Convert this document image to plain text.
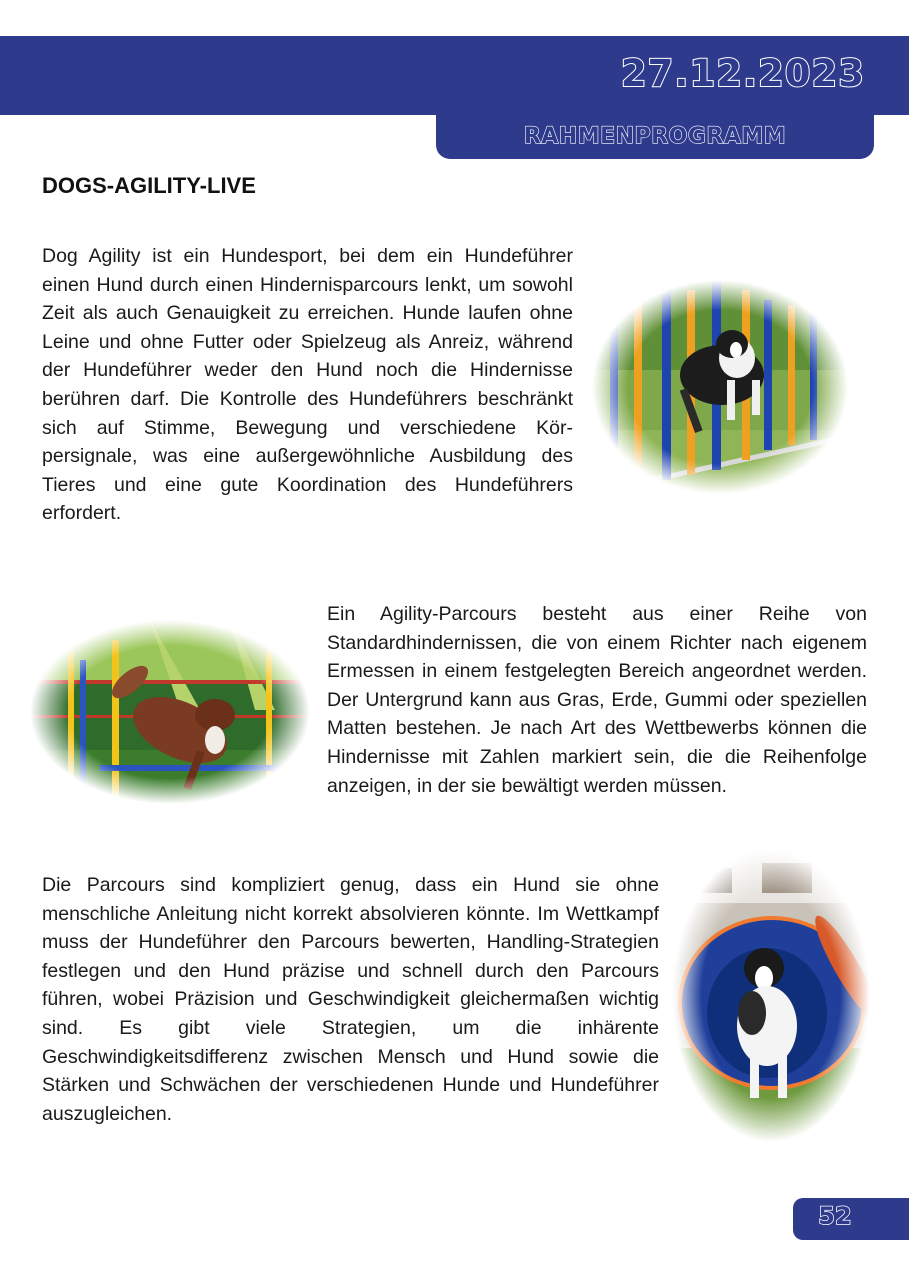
27.12.2023
RAHMENPROGRAMM
DOGS-AGILITY-LIVE

Dog Agility ist ein Hundesport, bei dem ein Hundeführer einen Hund durch einen Hindernisparcours lenkt, um sowohl Zeit als auch Genauigkeit zu erreichen. Hunde laufen ohne Leine und ohne Futter oder Spielzeug als Anreiz, während der Hundeführer weder den Hund noch die Hindernisse berühren darf. Die Kontrolle des Hundeführers beschränkt sich auf Stimme, Bewegung und verschiedene Körpersignale, was eine außergewöhnliche Ausbildung des Tieres und eine gute Koordination des Hundeführers erfordert.

Ein Agility-Parcours besteht aus einer Reihe von Standardhindernissen, die von einem Richter nach eigenem Ermessen in einem festgelegten Bereich angeordnet werden. Der Untergrund kann aus Gras, Erde, Gummi oder speziellen Matten bestehen. Je nach Art des Wettbewerbs können die Hindernisse mit Zahlen markiert sein, die die Reihenfolge anzeigen, in der sie bewältigt werden müssen.

Die Parcours sind kompliziert genug, dass ein Hund sie ohne menschliche Anleitung nicht korrekt absolvieren könnte. Im Wettkampf muss der Hundeführer den Parcours bewerten, Handling-Strategien festlegen und den Hund präzise und schnell durch den Parcours führen, wobei Präzision und Geschwindigkeit gleichermaßen wichtig sind. Es gibt viele Strategien, um die inhärente Geschwindigkeitsdifferenz zwischen Mensch und Hund sowie die Stärken und Schwächen der verschiedenen Hunde und Hundeführer auszugleichen.

52
